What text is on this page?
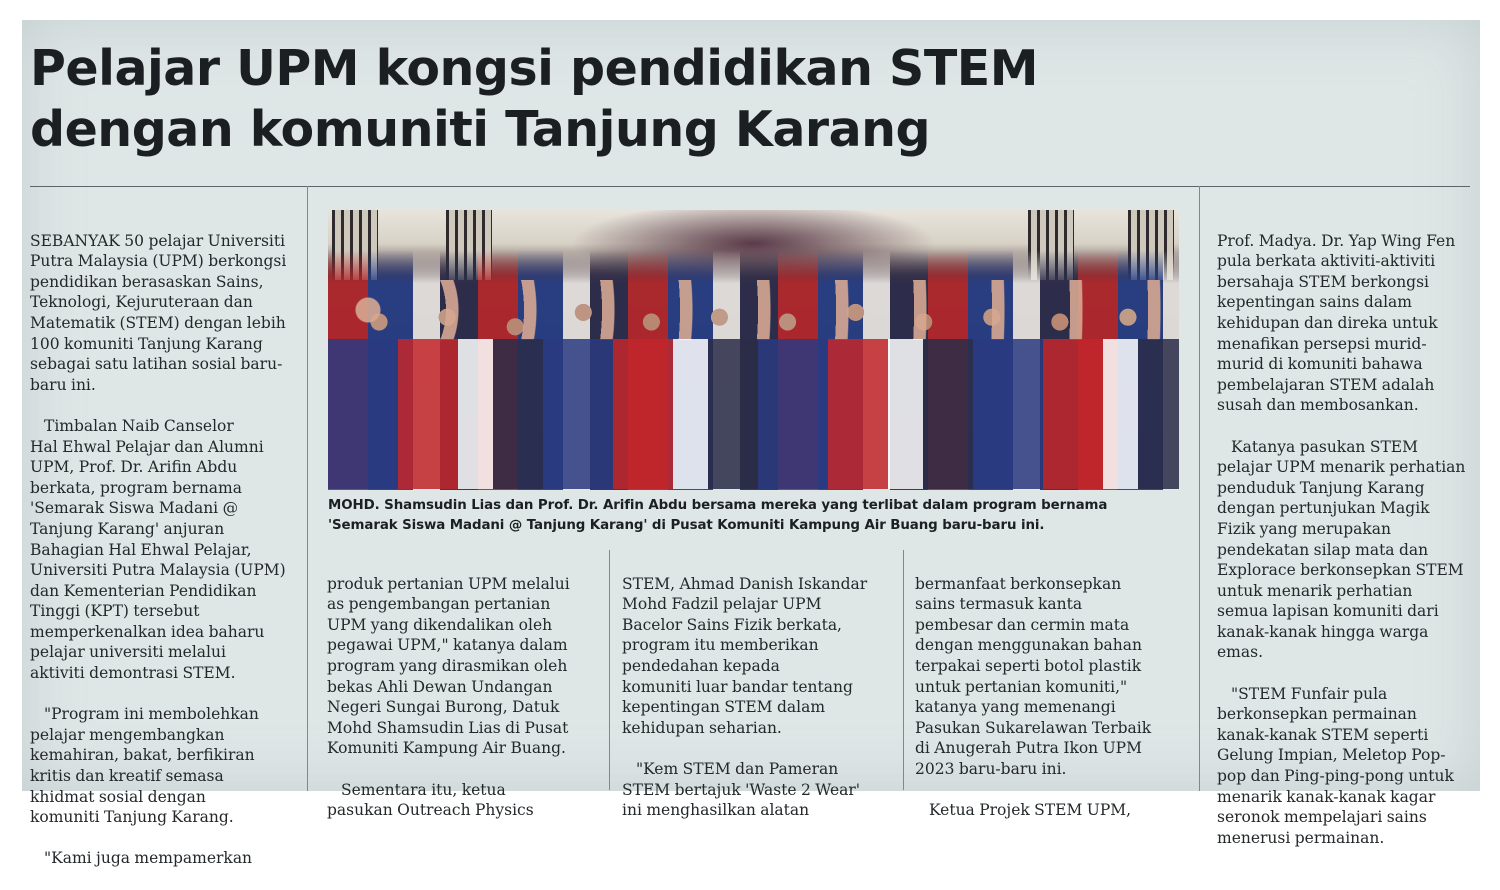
Pelajar UPM kongsi pendidikan STEM
dengan komuniti Tanjung Karang

SEBANYAK 50 pelajar Universiti
Putra Malaysia (UPM) berkongsi
pendidikan berasaskan Sains,
Teknologi, Kejuruteraan dan
Matematik (STEM) dengan lebih
100 komuniti Tanjung Karang
sebagai satu latihan sosial baru-
baru ini.

Timbalan Naib Canselor
Hal Ehwal Pelajar dan Alumni
UPM, Prof. Dr. Arifin Abdu
berkata, program bernama
'Semarak Siswa Madani @
Tanjung Karang' anjuran
Bahagian Hal Ehwal Pelajar,
Universiti Putra Malaysia (UPM)
dan Kementerian Pendidikan
Tinggi (KPT) tersebut
memperkenalkan idea baharu
pelajar universiti melalui
aktiviti demontrasi STEM.

"Program ini membolehkan
pelajar mengembangkan
kemahiran, bakat, berfikiran
kritis dan kreatif semasa
khidmat sosial dengan
komuniti Tanjung Karang.

"Kami juga mempamerkan

MOHD. Shamsudin Lias dan Prof. Dr. Arifin Abdu bersama mereka yang terlibat dalam program bernama
'Semarak Siswa Madani @ Tanjung Karang' di Pusat Komuniti Kampung Air Buang baru-baru ini.

produk pertanian UPM melalui
as pengembangan pertanian
UPM yang dikendalikan oleh
pegawai UPM," katanya dalam
program yang dirasmikan oleh
bekas Ahli Dewan Undangan
Negeri Sungai Burong, Datuk
Mohd Shamsudin Lias di Pusat
Komuniti Kampung Air Buang.

Sementara itu, ketua
pasukan Outreach Physics

STEM, Ahmad Danish Iskandar
Mohd Fadzil pelajar UPM
Bacelor Sains Fizik berkata,
program itu memberikan
pendedahan kepada
komuniti luar bandar tentang
kepentingan STEM dalam
kehidupan seharian.

"Kem STEM dan Pameran
STEM bertajuk 'Waste 2 Wear'
ini menghasilkan alatan

bermanfaat berkonsepkan
sains termasuk kanta
pembesar dan cermin mata
dengan menggunakan bahan
terpakai seperti botol plastik
untuk pertanian komuniti,"
katanya yang memenangi
Pasukan Sukarelawan Terbaik
di Anugerah Putra Ikon UPM
2023 baru-baru ini.

Ketua Projek STEM UPM,

Prof. Madya. Dr. Yap Wing Fen
pula berkata aktiviti-aktiviti
bersahaja STEM berkongsi
kepentingan sains dalam
kehidupan dan direka untuk
menafikan persepsi murid-
murid di komuniti bahawa
pembelajaran STEM adalah
susah dan membosankan.

Katanya pasukan STEM
pelajar UPM menarik perhatian
penduduk Tanjung Karang
dengan pertunjukan Magik
Fizik yang merupakan
pendekatan silap mata dan
Explorace berkonsepkan STEM
untuk menarik perhatian
semua lapisan komuniti dari
kanak-kanak hingga warga
emas.

"STEM Funfair pula
berkonsepkan permainan
kanak-kanak STEM seperti
Gelung Impian, Meletop Pop-
pop dan Ping-ping-pong untuk
menarik kanak-kanak kagar
seronok mempelajari sains
menerusi permainan.
